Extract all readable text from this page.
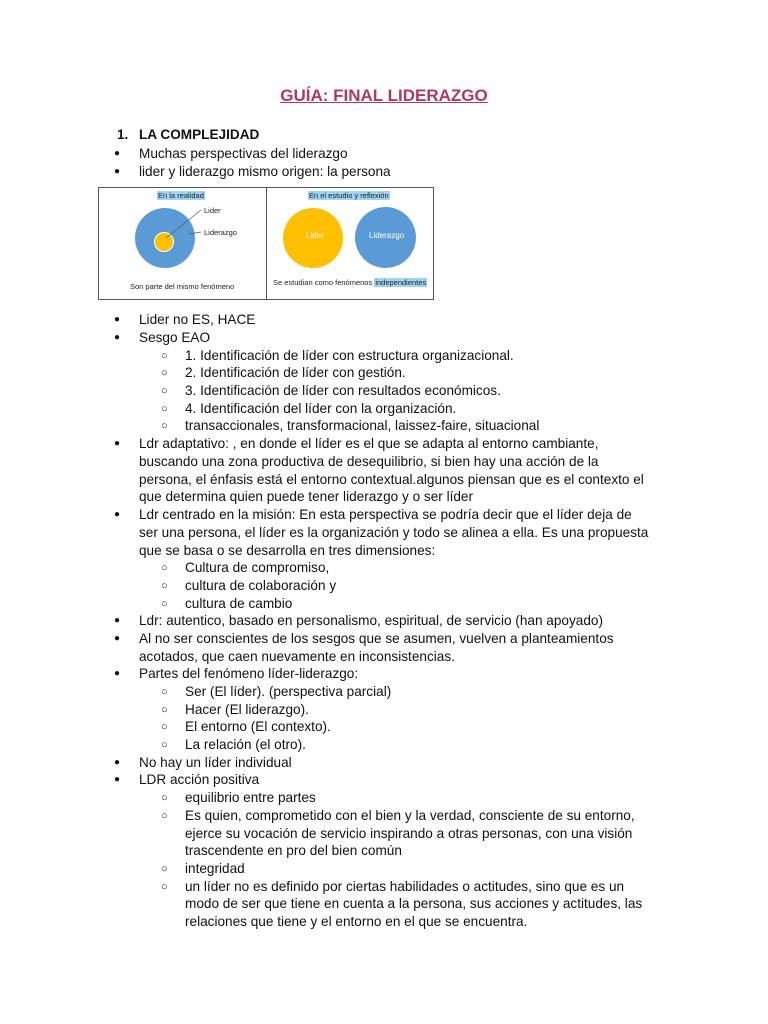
GUÍA: FINAL LIDERAZGO
1. LA COMPLEJIDAD
● Muchas perspectivas del liderazgo
● lider y liderazgo mismo origen: la persona
En la realidad
Lider
Liderazgo
Son parte del mismo fenómeno
En el estudio y reflexión
Lider	Liderazgo
Se estudian como fenómenos independientes
● Lider no ES, HACE
● Sesgo EAO
○ 1. Identificación de líder con estructura organizacional.
○ 2. Identificación de líder con gestión.
○ 3. Identificación de líder con resultados económicos.
○ 4. Identificación del líder con la organización.
○ transaccionales, transformacional, laissez-faire, situacional
● Ldr adaptativo: , en donde el líder es el que se adapta al entorno cambiante,
buscando una zona productiva de desequilibrio, si bien hay una acción de la
persona, el énfasis está el entorno contextual.algunos piensan que es el contexto el
que determina quien puede tener liderazgo y o ser líder
● Ldr centrado en la misión: En esta perspectiva se podría decir que el líder deja de
ser una persona, el líder es la organización y todo se alinea a ella. Es una propuesta
que se basa o se desarrolla en tres dimensiones:
○ Cultura de compromiso,
○ cultura de colaboración y
○ cultura de cambio
● Ldr: autentico, basado en personalismo, espiritual, de servicio (han apoyado)
● Al no ser conscientes de los sesgos que se asumen, vuelven a planteamientos
acotados, que caen nuevamente en inconsistencias.
● Partes del fenómeno líder-liderazgo:
○ Ser (El líder). (perspectiva parcial)
○ Hacer (El liderazgo).
○ El entorno (El contexto).
○ La relación (el otro).
● No hay un líder individual
● LDR acción positiva
○ equilibrio entre partes
○ Es quien, comprometido con el bien y la verdad, consciente de su entorno,
ejerce su vocación de servicio inspirando a otras personas, con una visión
trascendente en pro del bien común
○ integridad
○ un líder no es definido por ciertas habilidades o actitudes, sino que es un
modo de ser que tiene en cuenta a la persona, sus acciones y actitudes, las
relaciones que tiene y el entorno en el que se encuentra.
